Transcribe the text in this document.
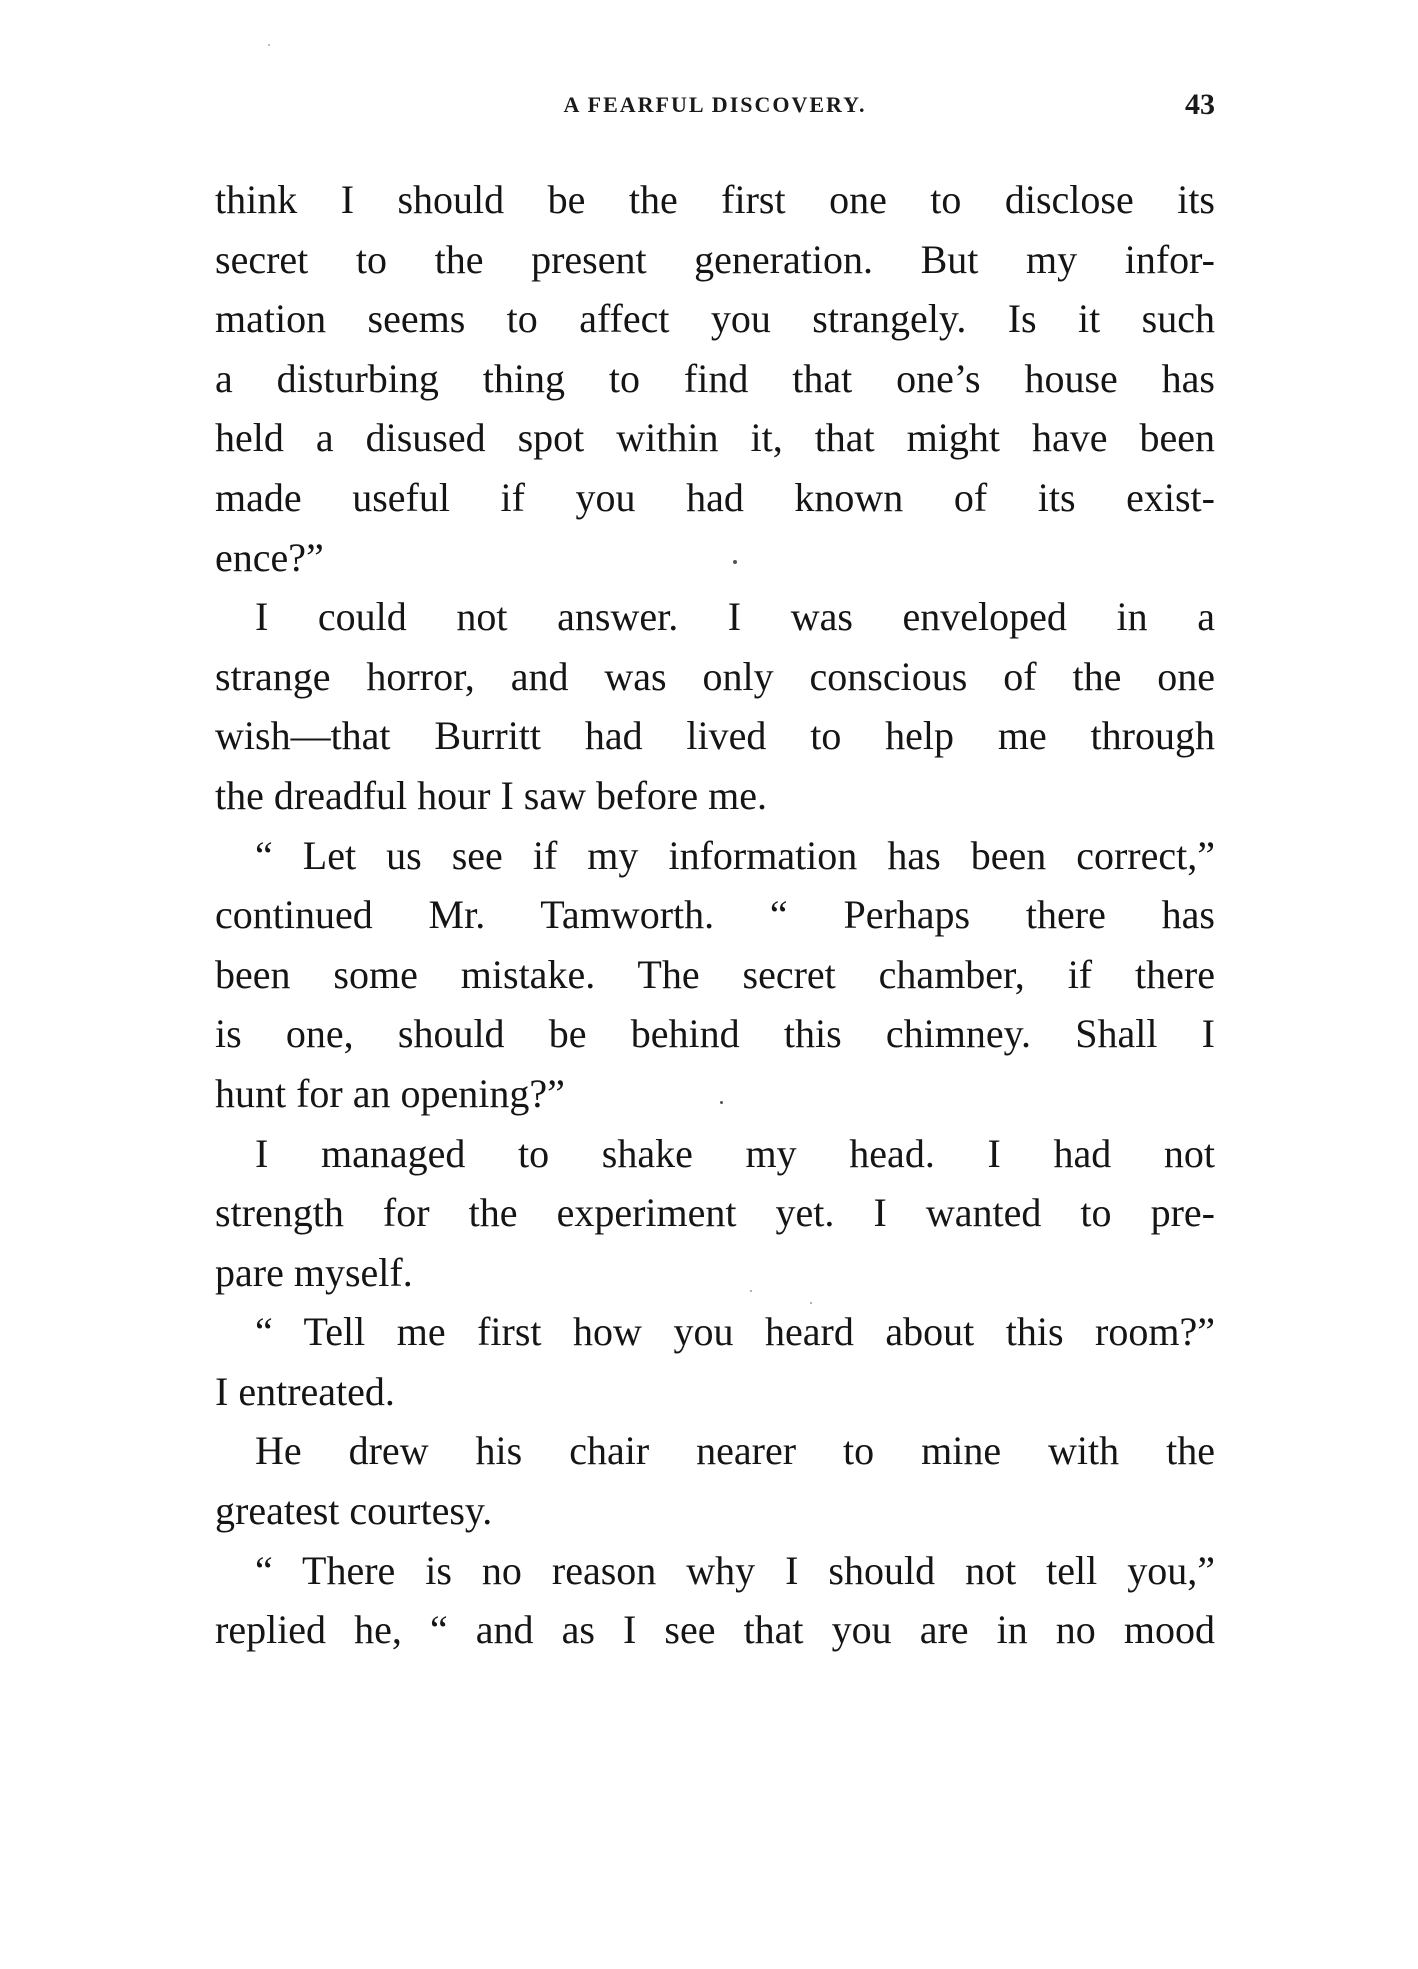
A FEARFUL DISCOVERY.	43
think I should be the first one to disclose its
secret to the present generation. But my infor-
mation seems to affect you strangely. Is it such
a disturbing thing to find that one’s house has
held a disused spot within it, that might have been
made useful if you had known of its exist-
ence?”
I could not answer. I was enveloped in a
strange horror, and was only conscious of the one
wish—that Burritt had lived to help me through
the dreadful hour I saw before me.
“ Let us see if my information has been correct,”
continued Mr. Tamworth. “ Perhaps there has
been some mistake. The secret chamber, if there
is one, should be behind this chimney. Shall I
hunt for an opening?”
I managed to shake my head. I had not
strength for the experiment yet. I wanted to pre-
pare myself.
“ Tell me first how you heard about this room?”
I entreated.
He drew his chair nearer to mine with the
greatest courtesy.
“ There is no reason why I should not tell you,”
replied he, “ and as I see that you are in no mood
